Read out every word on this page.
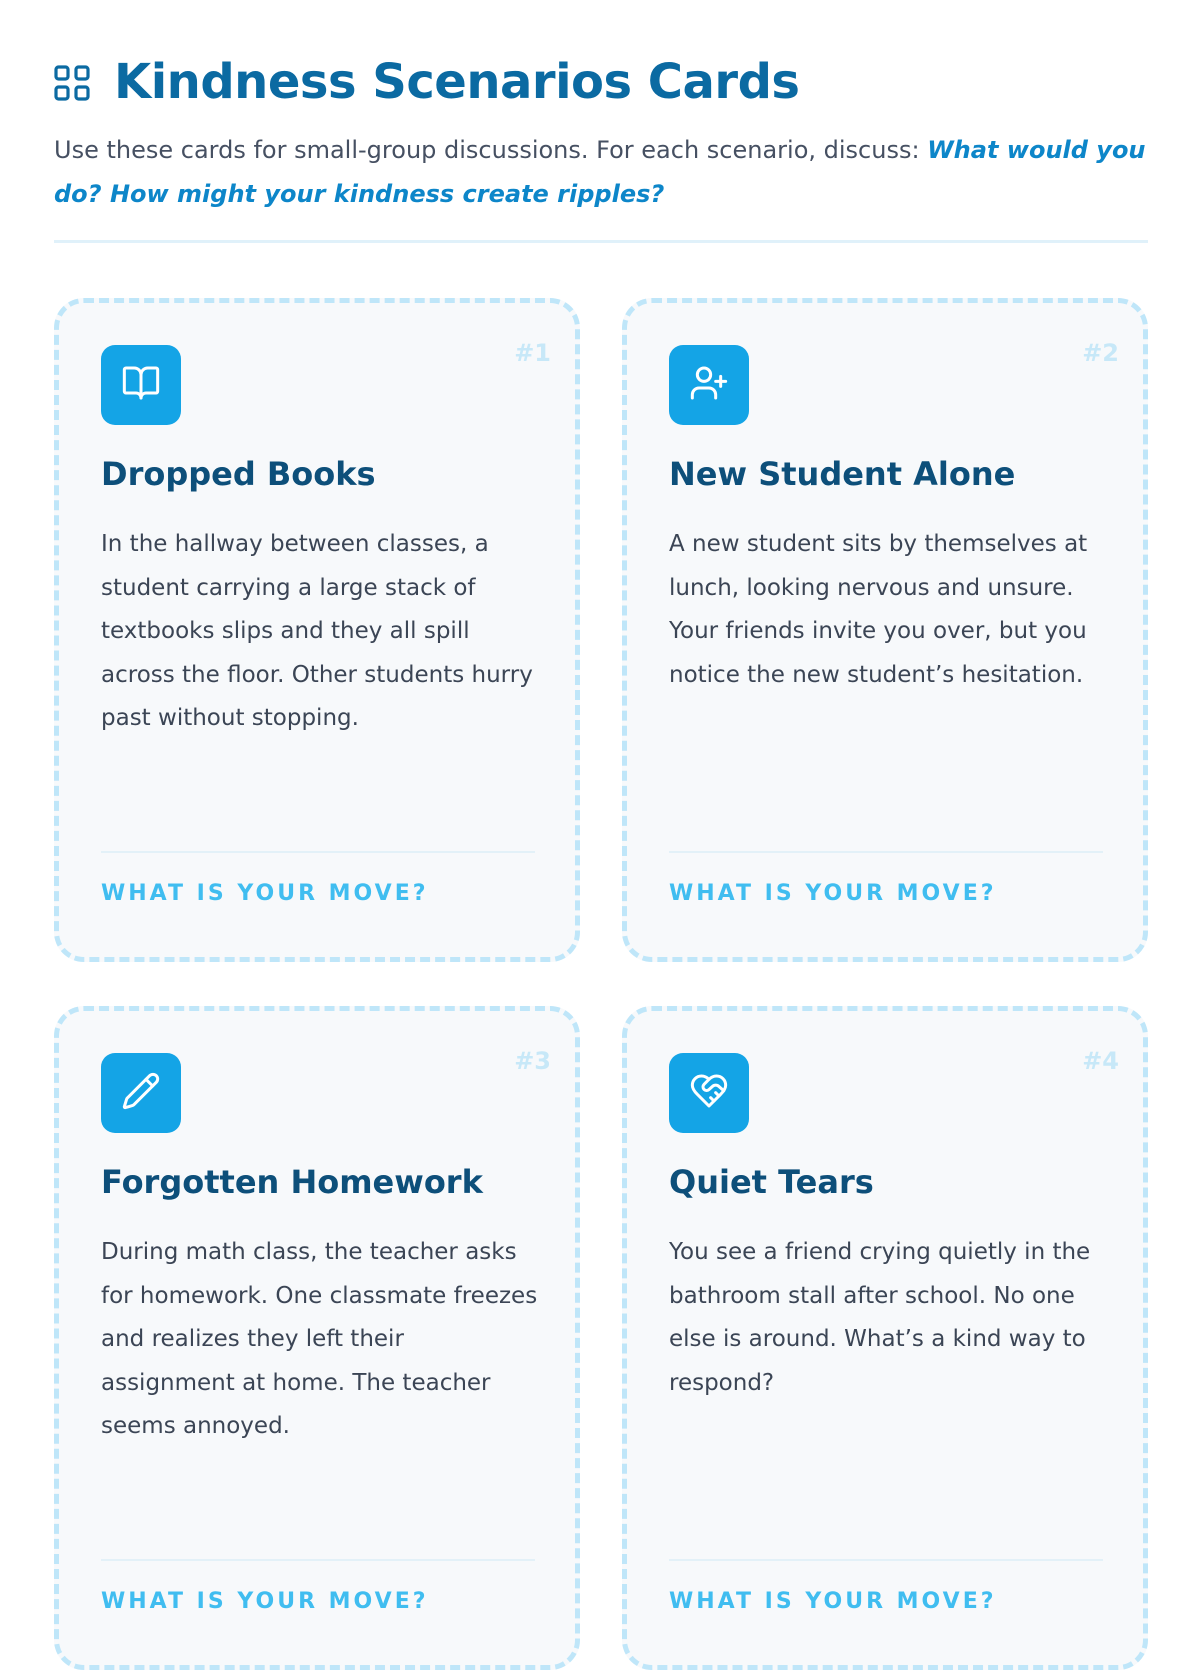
Kindness Scenarios Cards

Use these cards for small-group discussions. For each scenario, discuss: What would you do? How might your kindness create ripples?

#1
Dropped Books

In the hallway between classes, a student carrying a large stack of textbooks slips and they all spill across the floor. Other students hurry past without stopping.

WHAT IS YOUR MOVE?
#2
New Student Alone

A new student sits by themselves at lunch, looking nervous and unsure. Your friends invite you over, but you notice the new student’s hesitation.

WHAT IS YOUR MOVE?
#3
Forgotten Homework

During math class, the teacher asks for homework. One classmate freezes and realizes they left their assignment at home. The teacher seems annoyed.

WHAT IS YOUR MOVE?
#4
Quiet Tears

You see a friend crying quietly in the bathroom stall after school. No one else is around. What’s a kind way to respond?

WHAT IS YOUR MOVE?
